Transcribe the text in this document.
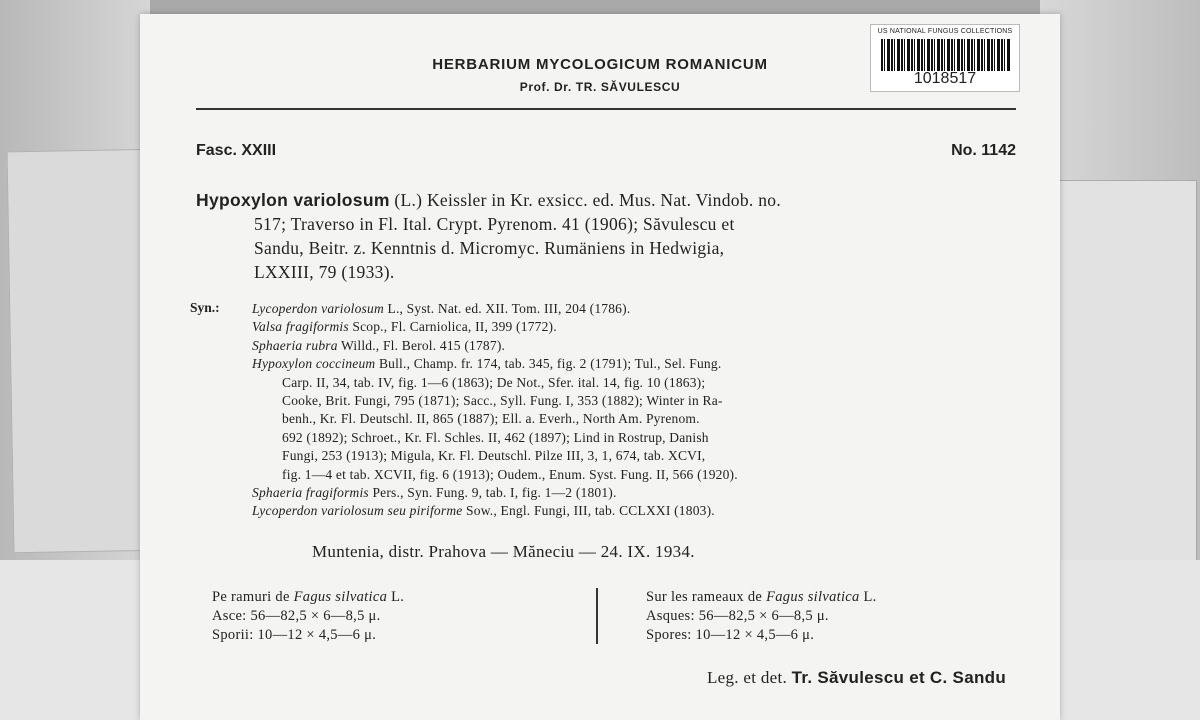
US NATIONAL FUNGUS COLLECTIONS
1018517
HERBARIUM MYCOLOGICUM ROMANICUM
Prof. Dr. TR. SĂVULESCU
Fasc. XXIII	No. 1142
Hypoxylon variolosum (L.) Keissler in Kr. exsicc. ed. Mus. Nat. Vindob. no.
517; Traverso in Fl. Ital. Crypt. Pyrenom. 41 (1906); Săvulescu et
Sandu, Beitr. z. Kenntnis d. Micromyc. Rumäniens in Hedwigia,
LXXIII, 79 (1933).
Syn.: Lycoperdon variolosum L., Syst. Nat. ed. XII. Tom. III, 204 (1786).
Valsa fragiformis Scop., Fl. Carniolica, II, 399 (1772).
Sphaeria rubra Willd., Fl. Berol. 415 (1787).
Hypoxylon coccineum Bull., Champ. fr. 174, tab. 345, fig. 2 (1791); Tul., Sel. Fung.
Carp. II, 34, tab. IV, fig. 1—6 (1863); De Not., Sfer. ital. 14, fig. 10 (1863);
Cooke, Brit. Fungi, 795 (1871); Sacc., Syll. Fung. I, 353 (1882); Winter in Ra-
benh., Kr. Fl. Deutschl. II, 865 (1887); Ell. a. Everh., North Am. Pyrenom.
692 (1892); Schroet., Kr. Fl. Schles. II, 462 (1897); Lind in Rostrup, Danish
Fungi, 253 (1913); Migula, Kr. Fl. Deutschl. Pilze III, 3, 1, 674, tab. XCVI,
fig. 1—4 et tab. XCVII, fig. 6 (1913); Oudem., Enum. Syst. Fung. II, 566 (1920).
Sphaeria fragiformis Pers., Syn. Fung. 9, tab. I, fig. 1—2 (1801).
Lycoperdon variolosum seu piriforme Sow., Engl. Fungi, III, tab. CCLXXI (1803).
Muntenia, distr. Prahova — Măneciu — 24. IX. 1934.
Pe ramuri de Fagus silvatica L.
Asce: 56—82,5 × 6—8,5 μ.
Sporii: 10—12 × 4,5—6 μ.
Sur les rameaux de Fagus silvatica L.
Asques: 56—82,5 × 6—8,5 μ.
Spores: 10—12 × 4,5—6 μ.
Leg. et det. Tr. Săvulescu et C. Sandu
